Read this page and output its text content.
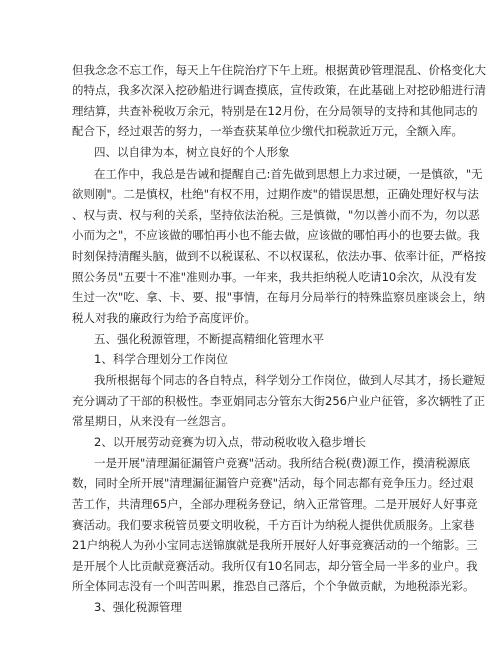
但我念念不忘工作，每天上午住院治疗下午上班。根据黄砂管理混乱、价格变化大
的特点，我多次深入挖砂船进行调查摸底，宣传政策，在此基础上对挖砂船进行清
理结算，共查补税收万余元，特别是在12月份，在分局领导的支持和其他同志的
配合下，经过艰苦的努力，一举查获某单位少缴代扣税款近万元，全额入库。
四、以自律为本，树立良好的个人形象
在工作中，我总是告诫和提醒自己:首先做到思想上力求过硬，一是慎欲，"无
欲则刚"。二是慎权，杜绝"有权不用，过期作废"的错误思想，正确处理好权与法
、权与责、权与利的关系，坚持依法治税。三是慎微，"勿以善小而不为，勿以恶
小而为之"，不应该做的哪怕再小也不能去做，应该做的哪怕再小的也要去做。我
时刻保持清醒头脑，做到不以税谋私、不以权谋私，依法办事、依率计征，严格按
照公务员"五要十不准"准则办事。一年来，我共拒纳税人吃请10余次，从没有发
生过一次"吃、拿、卡、要、报"事情，在每月分局举行的特殊监察员座谈会上，纳
税人对我的廉政行为给予高度评价。
五、强化税源管理，不断提高精细化管理水平
1、科学合理划分工作岗位
我所根据每个同志的各自特点，科学划分工作岗位，做到人尽其才，扬长避短
充分调动了干部的积极性。李亚娟同志分管东大街256户业户征管，多次辆牲了正
常星期日，从来没有一丝怨言。
2、以开展劳动竞赛为切入点，带动税收收入稳步增长
一是开展"清理漏征漏管户竞赛"活动。我所结合税(费)源工作，摸清税源底
数，同时全所开展"清理漏征漏管户竞赛"活动，每个同志都有竞争压力。经过艰
苦工作，共清理65户，全部办理税务登记，纳入正常管理。二是开展好人好事竞
赛活动。我们要求税管员要文明收税，千方百计为纳税人提供优质服务。上家巷
21户纳税人为孙小宝同志送锦旗就是我所开展好人好事竞赛活动的一个缩影。三
是开展个人比贡献竞赛活动。我所仅有10名同志，却分管全局一半多的业户。我
所全体同志没有一个叫苦叫累，推恐自己落后，个个争做贡献，为地税添光彩。
3、强化税源管理
